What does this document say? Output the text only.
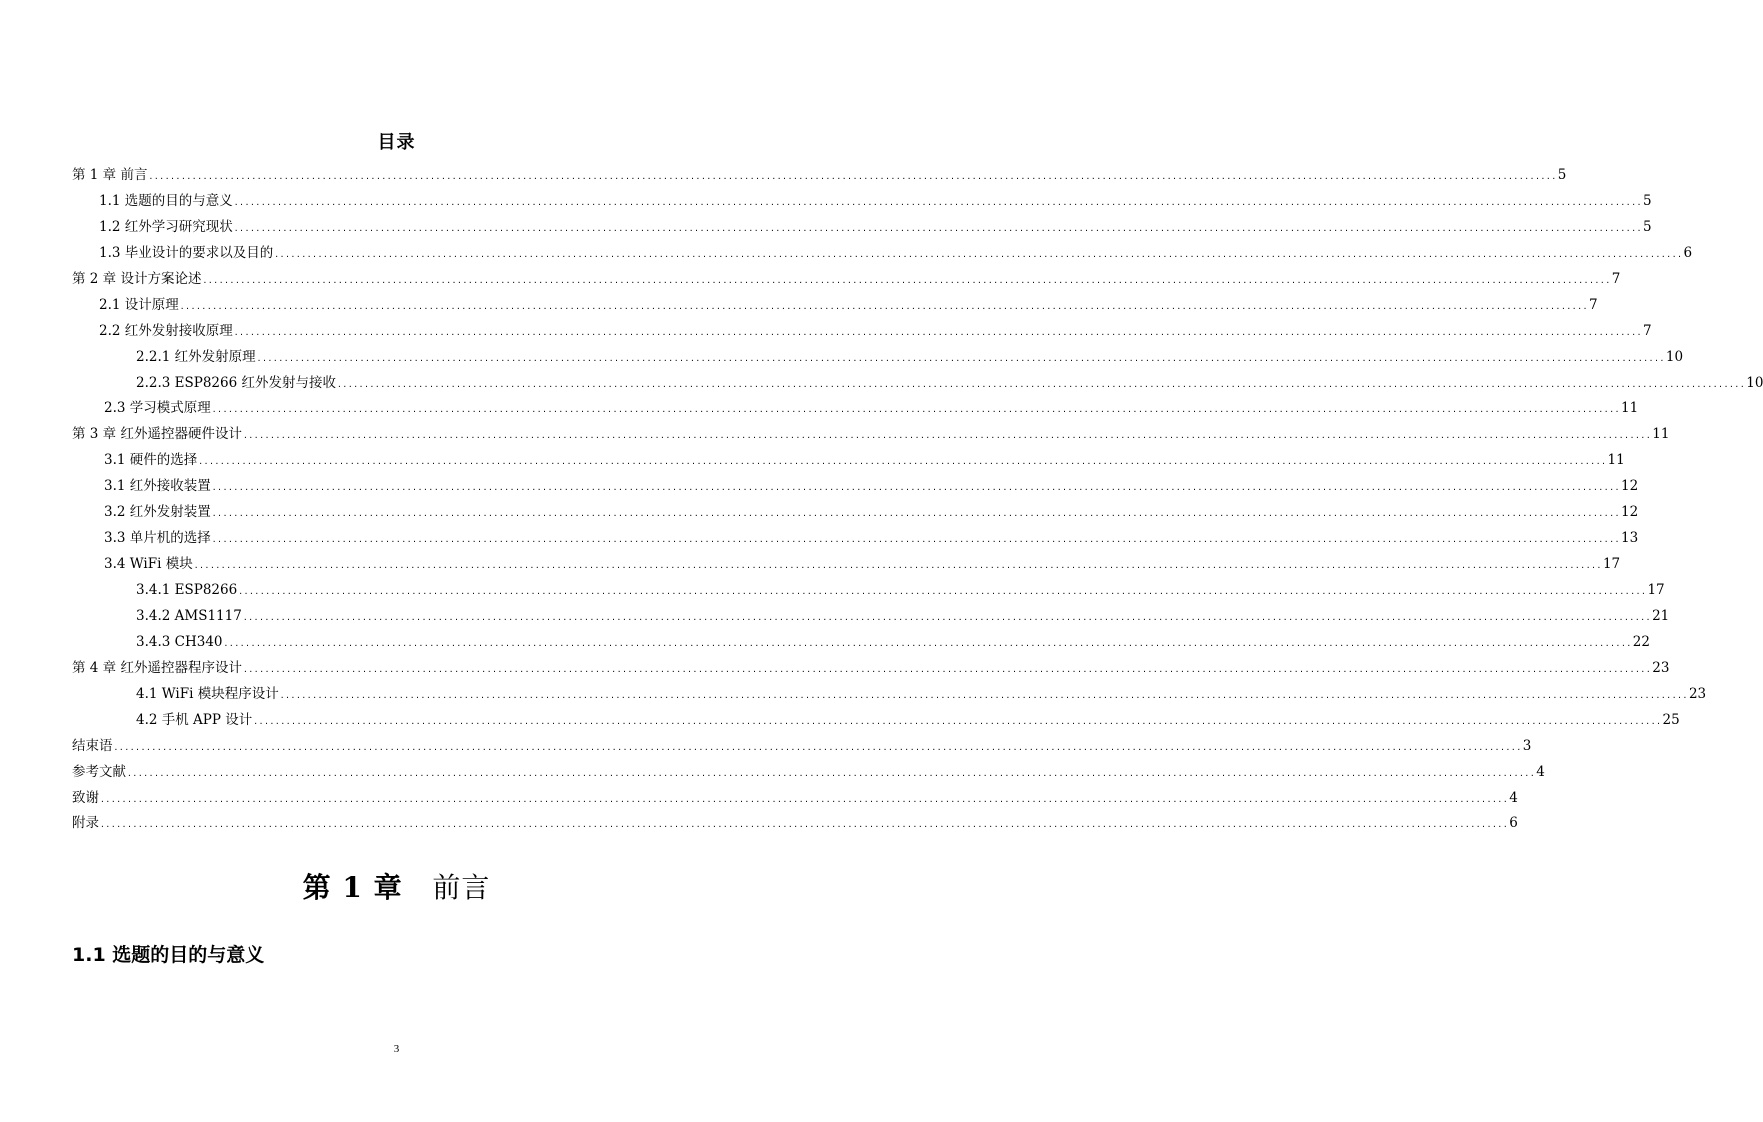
目录
第 1 章 前言 .................................................................................................................................................................................................................................................................... 5
1.1 选题的目的与意义 .................................................................................................................................................................................................................................................................... 5
1.2 红外学习研究现状 .................................................................................................................................................................................................................................................................... 5
1.3 毕业设计的要求以及目的 .................................................................................................................................................................................................................................................................... 6
第 2 章 设计方案论述 .................................................................................................................................................................................................................................................................... 7
2.1 设计原理 .................................................................................................................................................................................................................................................................... 7
2.2 红外发射接收原理 .................................................................................................................................................................................................................................................................... 7
2.2.1 红外发射原理 .................................................................................................................................................................................................................................................................... 10
2.2.3 ESP8266 红外发射与接收 .................................................................................................................................................................................................................................................................... 10
2.3 学习模式原理 .................................................................................................................................................................................................................................................................... 11
第 3 章 红外遥控器硬件设计 .................................................................................................................................................................................................................................................................... 11
3.1 硬件的选择 .................................................................................................................................................................................................................................................................... 11
3.1 红外接收装置 .................................................................................................................................................................................................................................................................... 12
3.2 红外发射装置 .................................................................................................................................................................................................................................................................... 12
3.3 单片机的选择 .................................................................................................................................................................................................................................................................... 13
3.4 WiFi 模块 .................................................................................................................................................................................................................................................................... 17
3.4.1 ESP8266 .................................................................................................................................................................................................................................................................... 17
3.4.2 AMS1117 .................................................................................................................................................................................................................................................................... 21
3.4.3 CH340 .................................................................................................................................................................................................................................................................... 22
第 4 章 红外遥控器程序设计 .................................................................................................................................................................................................................................................................... 23
4.1 WiFi 模块程序设计 .................................................................................................................................................................................................................................................................... 23
4.2 手机 APP 设计 .................................................................................................................................................................................................................................................................... 25
结束语 .................................................................................................................................................................................................................................................................... 3
参考文献 .................................................................................................................................................................................................................................................................... 4
致谢 .................................................................................................................................................................................................................................................................... 4
附录 .................................................................................................................................................................................................................................................................... 6
第 1 章 前言
1.1 选题的目的与意义
3
